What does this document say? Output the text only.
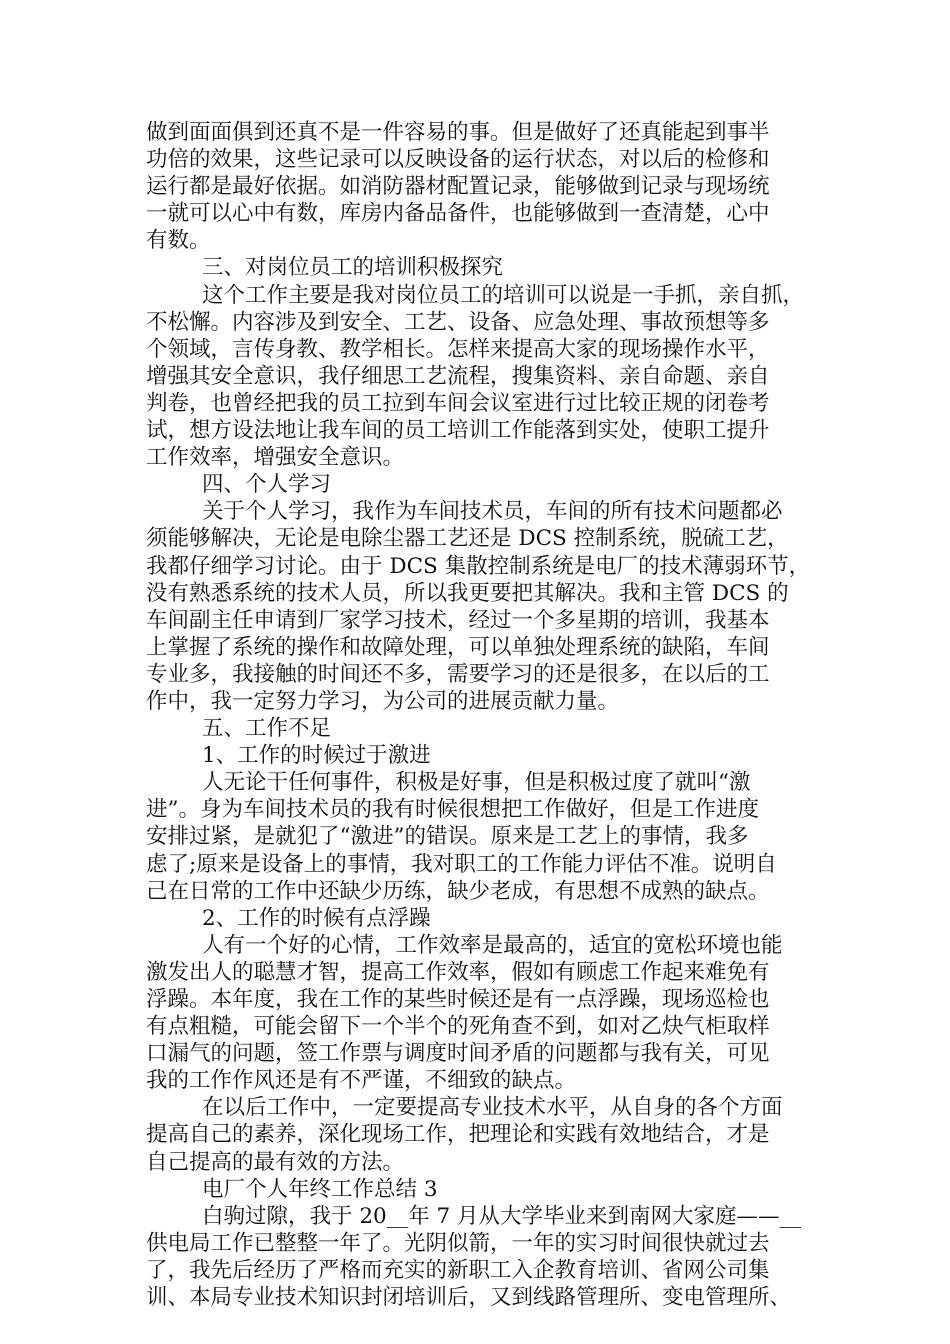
做到面面俱到还真不是一件容易的事。但是做好了还真能起到事半
功倍的效果，这些记录可以反映设备的运行状态，对以后的检修和
运行都是最好依据。如消防器材配置记录，能够做到记录与现场统
一就可以心中有数，库房内备品备件，也能够做到一查清楚，心中
有数。
三、对岗位员工的培训积极探究
这个工作主要是我对岗位员工的培训可以说是一手抓，亲自抓，
不松懈。内容涉及到安全、工艺、设备、应急处理、事故预想等多
个领域，言传身教、教学相长。怎样来提高大家的现场操作水平，
增强其安全意识，我仔细思工艺流程，搜集资料、亲自命题、亲自
判卷，也曾经把我的员工拉到车间会议室进行过比较正规的闭卷考
试，想方设法地让我车间的员工培训工作能落到实处，使职工提升
工作效率，增强安全意识。
四、个人学习
关于个人学习，我作为车间技术员，车间的所有技术问题都必
须能够解决，无论是电除尘器工艺还是 DCS 控制系统，脱硫工艺，
我都仔细学习讨论。由于 DCS 集散控制系统是电厂的技术薄弱环节，
没有熟悉系统的技术人员，所以我更要把其解决。我和主管 DCS 的
车间副主任申请到厂家学习技术，经过一个多星期的培训，我基本
上掌握了系统的操作和故障处理，可以单独处理系统的缺陷，车间
专业多，我接触的时间还不多，需要学习的还是很多，在以后的工
作中，我一定努力学习，为公司的进展贡献力量。
五、工作不足
1、工作的时候过于激进
人无论干任何事件，积极是好事，但是积极过度了就叫“激
进”。身为车间技术员的我有时候很想把工作做好，但是工作进度
安排过紧，是就犯了“激进”的错误。原来是工艺上的事情，我多
虑了;原来是设备上的事情，我对职工的工作能力评估不准。说明自
己在日常的工作中还缺少历练，缺少老成，有思想不成熟的缺点。
2、工作的时候有点浮躁
人有一个好的心情，工作效率是最高的，适宜的宽松环境也能
激发出人的聪慧才智，提高工作效率，假如有顾虑工作起来难免有
浮躁。本年度，我在工作的某些时候还是有一点浮躁，现场巡检也
有点粗糙，可能会留下一个半个的死角查不到，如对乙炔气柜取样
口漏气的问题，签工作票与调度时间矛盾的问题都与我有关，可见
我的工作作风还是有不严谨，不细致的缺点。
在以后工作中，一定要提高专业技术水平，从自身的各个方面
提高自己的素养，深化现场工作，把理论和实践有效地结合，才是
自己提高的最有效的方法。
电厂个人年终工作总结 3
白驹过隙，我于 20__年 7 月从大学毕业来到南网大家庭——__
供电局工作已整整一年了。光阴似箭，一年的实习时间很快就过去
了，我先后经历了严格而充实的新职工入企教育培训、省网公司集
训、本局专业技术知识封闭培训后，又到线路管理所、变电管理所、
